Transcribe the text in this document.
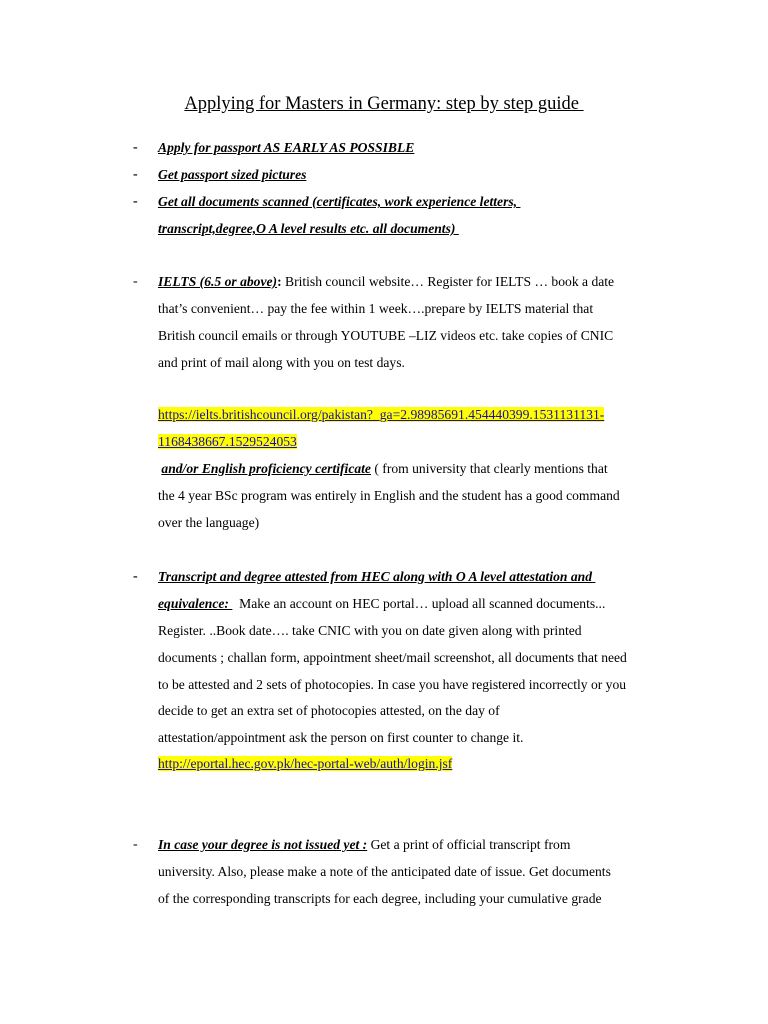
Applying for Masters in Germany: step by step guide
- Apply for passport AS EARLY AS POSSIBLE
- Get passport sized pictures
- Get all documents scanned (certificates, work experience letters,
transcript,degree,O A level results etc. all documents)
- IELTS (6.5 or above): British council website… Register for IELTS … book a date
that’s convenient… pay the fee within 1 week….prepare by IELTS material that
British council emails or through YOUTUBE –LIZ videos etc. take copies of CNIC
and print of mail along with you on test days.
https://ielts.britishcouncil.org/pakistan?_ga=2.98985691.454440399.1531131131-
1168438667.1529524053
and/or English proficiency certificate ( from university that clearly mentions that
the 4 year BSc program was entirely in English and the student has a good command
over the language)
- Transcript and degree attested from HEC along with O A level attestation and
equivalence:   Make an account on HEC portal… upload all scanned documents...
Register. ..Book date…. take CNIC with you on date given along with printed
documents ; challan form, appointment sheet/mail screenshot, all documents that need
to be attested and 2 sets of photocopies. In case you have registered incorrectly or you
decide to get an extra set of photocopies attested, on the day of
attestation/appointment ask the person on first counter to change it.
http://eportal.hec.gov.pk/hec-portal-web/auth/login.jsf
- In case your degree is not issued yet : Get a print of official transcript from
university. Also, please make a note of the anticipated date of issue. Get documents
of the corresponding transcripts for each degree, including your cumulative grade
